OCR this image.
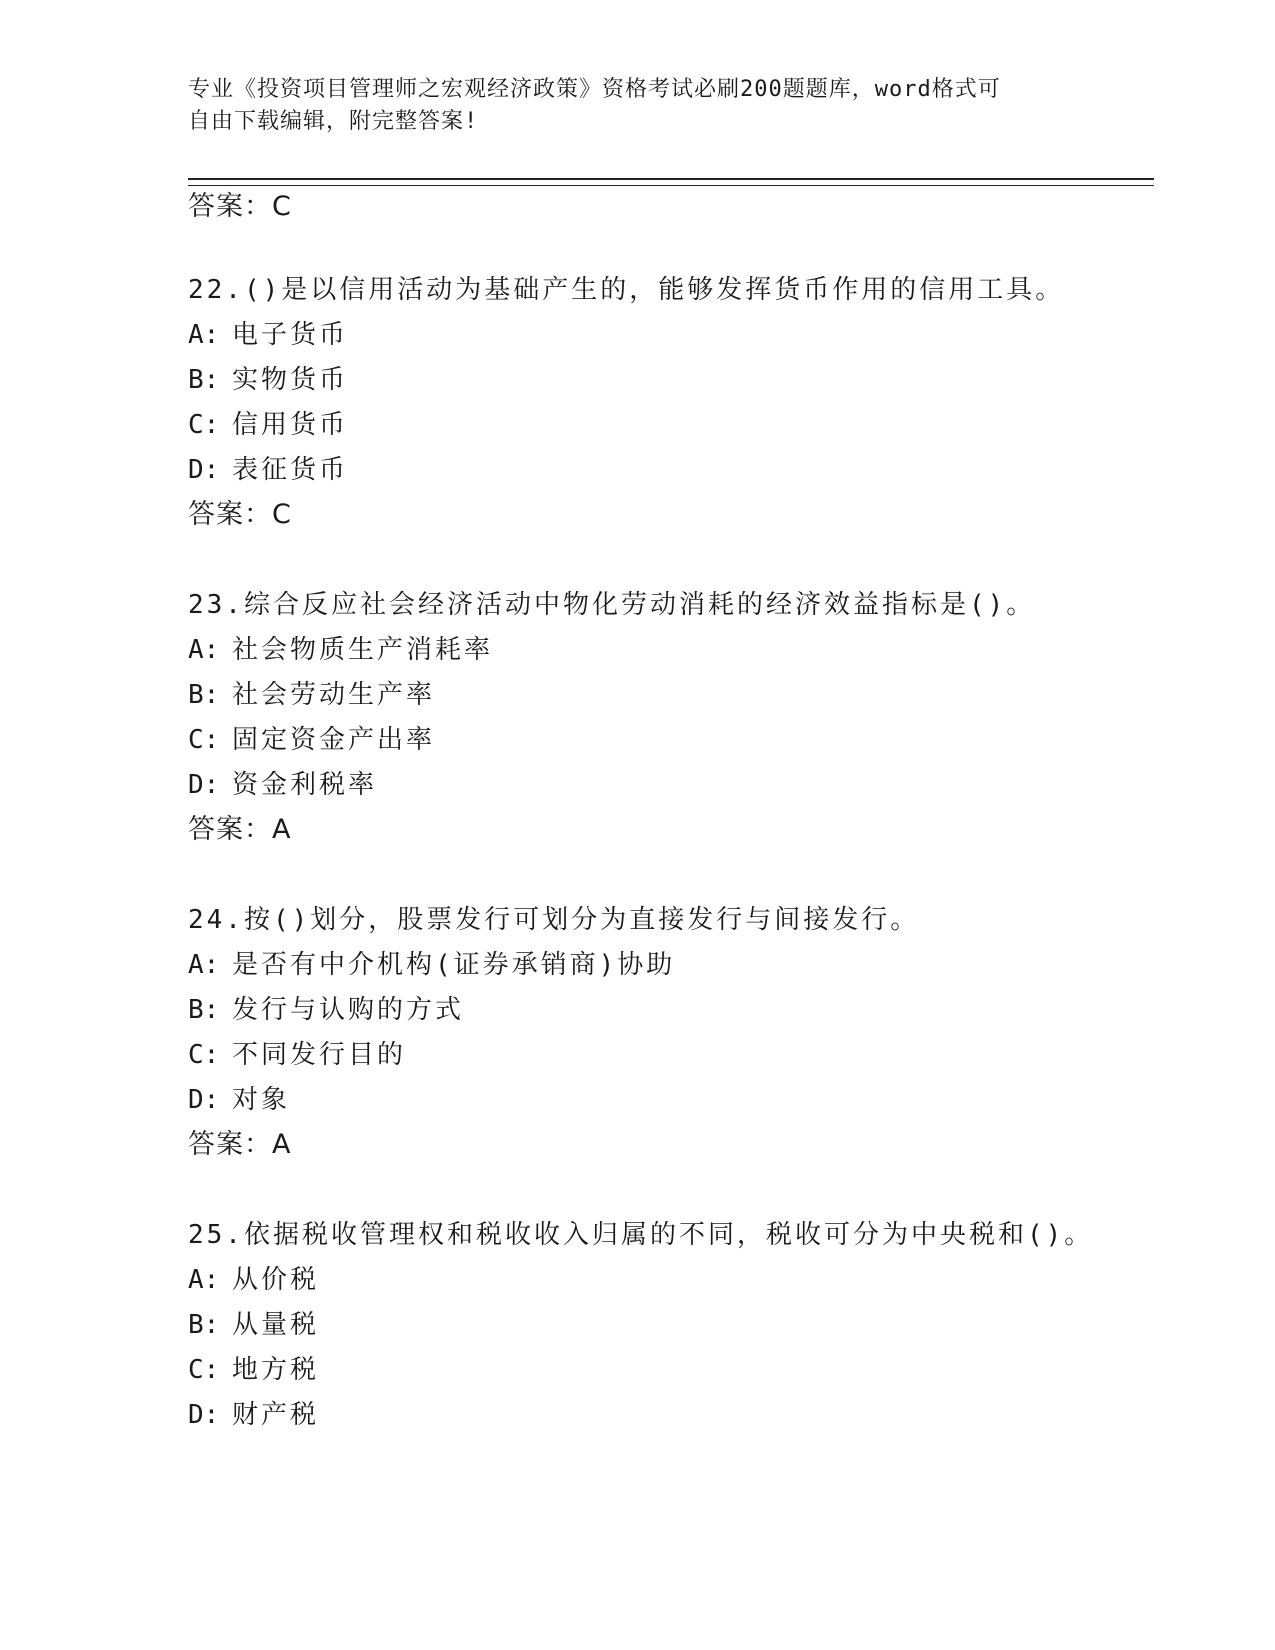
专业《投资项目管理师之宏观经济政策》资格考试必刷200题题库，word格式可
自由下载编辑，附完整答案!
答案：C
22.()是以信用活动为基础产生的，能够发挥货币作用的信用工具。
A: 电子货币
B: 实物货币
C: 信用货币
D: 表征货币
答案：C
23.综合反应社会经济活动中物化劳动消耗的经济效益指标是()。
A: 社会物质生产消耗率
B: 社会劳动生产率
C: 固定资金产出率
D: 资金利税率
答案：A
24.按()划分，股票发行可划分为直接发行与间接发行。
A: 是否有中介机构(证券承销商)协助
B: 发行与认购的方式
C: 不同发行目的
D: 对象
答案：A
25.依据税收管理权和税收收入归属的不同，税收可分为中央税和()。
A: 从价税
B: 从量税
C: 地方税
D: 财产税
